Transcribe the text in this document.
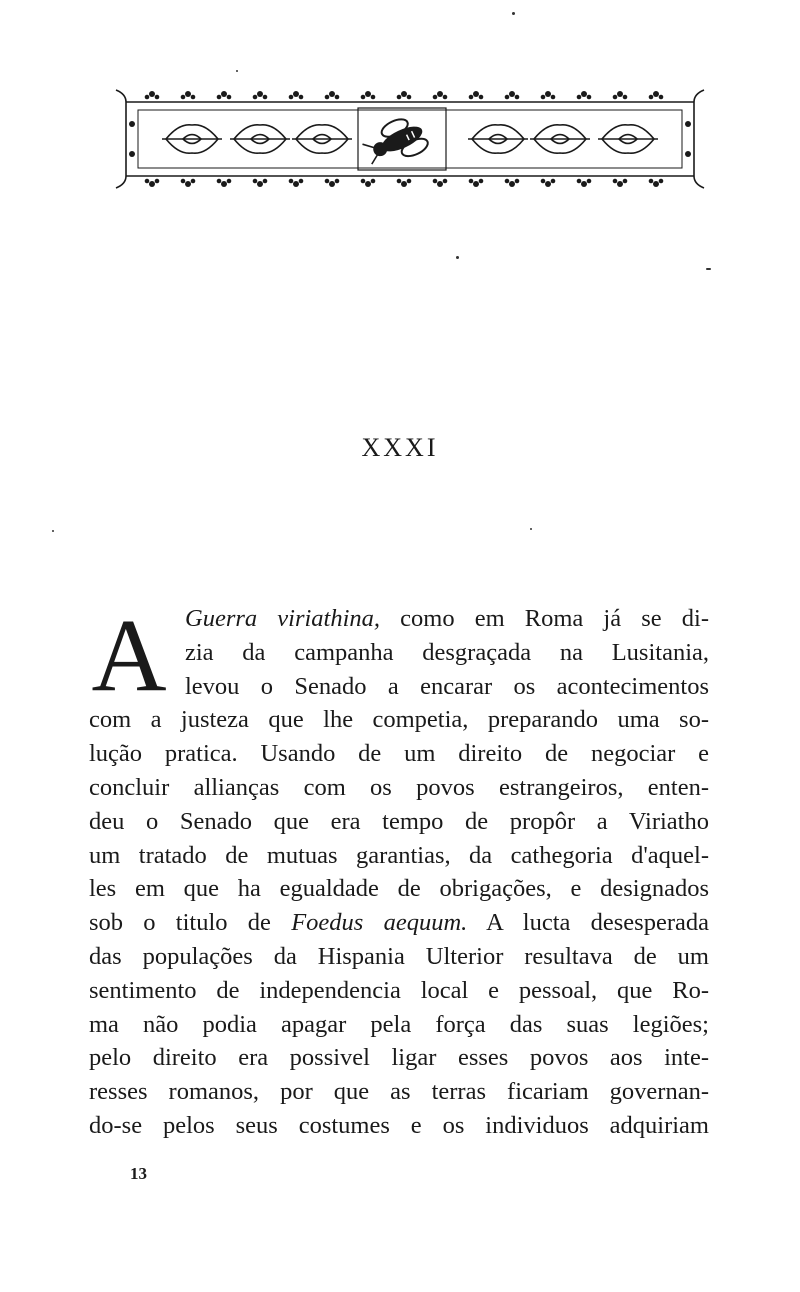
XXXI
A Guerra viriathina, como em Roma já se di-
zia da campanha desgraçada na Lusitania,
levou o Senado a encarar os acontecimentos
com a justeza que lhe competia, preparando uma so-
lução pratica. Usando de um direito de negociar e
concluir allianças com os povos estrangeiros, enten-
deu o Senado que era tempo de propôr a Viriatho
um tratado de mutuas garantias, da cathegoria d'aquel-
les em que ha egualdade de obrigações, e designados
sob o titulo de Foedus aequum. A lucta desesperada
das populações da Hispania Ulterior resultava de um
sentimento de independencia local e pessoal, que Ro-
ma não podia apagar pela força das suas legiões;
pelo direito era possivel ligar esses povos aos inte-
resses romanos, por que as terras ficariam governan-
do-se pelos seus costumes e os individuos adquiriam

13
